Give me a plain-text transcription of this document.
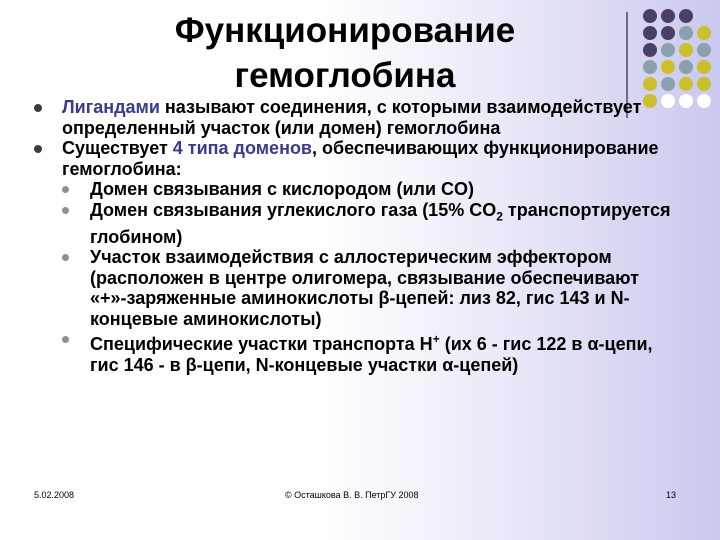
Функционирование
гемоглобина
Лигандами называют соединения, с которыми взаимодействует определенный участок (или домен) гемоглобина
Существует 4 типа доменов, обеспечивающих функционирование гемоглобина:
Домен связывания с кислородом (или CO)
Домен связывания углекислого газа (15% $CO_2$ транспортируется глобином)
Участок взаимодействия с аллостерическим эффектором (расположен в центре олигомера, связывание обеспечивают «+»-заряженные аминокислоты β-цепей: лиз 82, гис 143 и N-концевые аминокислоты)
Специфические участки транспорта H+ (их 6 - гис 122 в α-цепи, гис 146 - в β-цепи, N-концевые участки α-цепей)
5.02.2008	© Осташкова В. В. ПетрГУ 2008	13
